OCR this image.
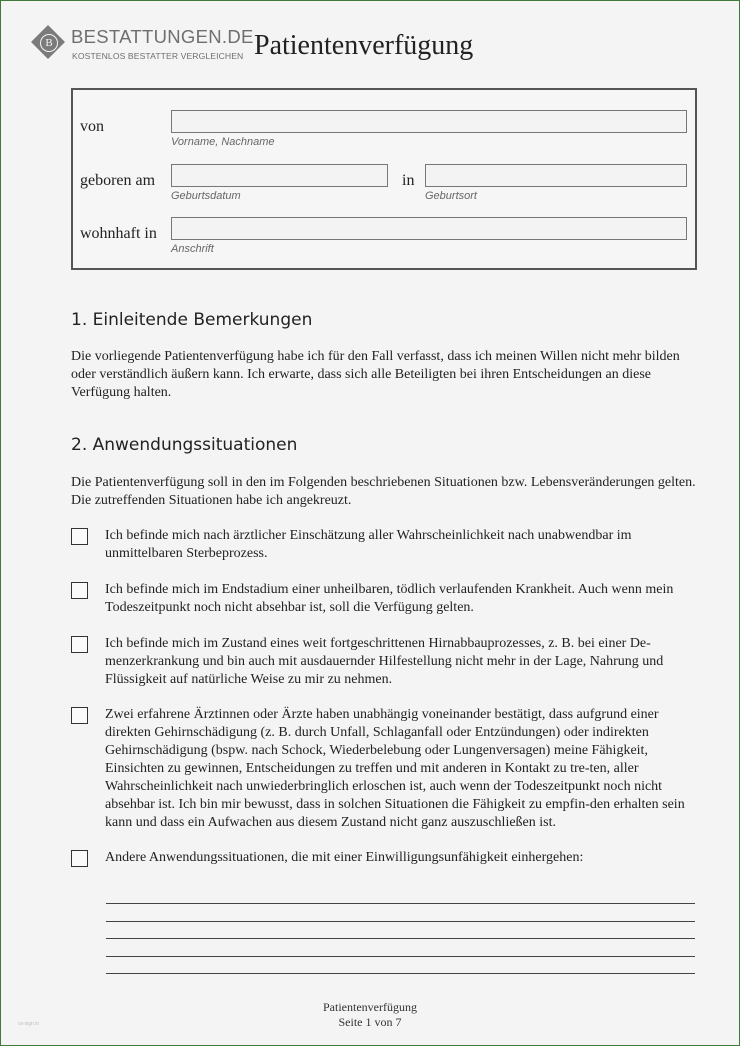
B BESTATTUNGEN.DE
KOSTENLOS BESTATTER VERGLEICHEN Patientenverfügung
von
Vorname, Nachname
geboren am
Geburtsdatum
in
Geburtsort
wohnhaft in
Anschrift
1. Einleitende Bemerkungen

Die vorliegende Patientenverfügung habe ich für den Fall verfasst, dass ich meinen Willen nicht mehr bilden oder verständlich äußern kann. Ich erwarte, dass sich alle Beteiligten bei ihren Entscheidungen an diese Verfügung halten.

2. Anwendungssituationen

Die Patientenverfügung soll in den im Folgenden beschriebenen Situationen bzw. Lebensveränderungen gelten. Die zutreffenden Situationen habe ich angekreuzt.

Ich befinde mich nach ärztlicher Einschätzung aller Wahrscheinlichkeit nach unabwendbar im unmittelbaren Sterbeprozess.
Ich befinde mich im Endstadium einer unheilbaren, tödlich verlaufenden Krankheit. Auch wenn mein Todeszeitpunkt noch nicht absehbar ist, soll die Verfügung gelten.
Ich befinde mich im Zustand eines weit fortgeschrittenen Hirnabbauprozesses, z. B. bei einer De-menzerkrankung und bin auch mit ausdauernder Hilfestellung nicht mehr in der Lage, Nahrung und Flüssigkeit auf natürliche Weise zu mir zu nehmen.
Zwei erfahrene Ärztinnen oder Ärzte haben unabhängig voneinander bestätigt, dass aufgrund einer direkten Gehirnschädigung (z. B. durch Unfall, Schlaganfall oder Entzündungen) oder indirekten Gehirnschädigung (bspw. nach Schock, Wiederbelebung oder Lungenversagen) meine Fähigkeit, Einsichten zu gewinnen, Entscheidungen zu treffen und mit anderen in Kontakt zu tre-ten, aller Wahrscheinlichkeit nach unwiederbringlich erloschen ist, auch wenn der Todeszeitpunkt noch nicht absehbar ist. Ich bin mir bewusst, dass in solchen Situationen die Fähigkeit zu empfin-den erhalten sein kann und dass ein Aufwachen aus diesem Zustand nicht ganz auszuschließen ist.
Andere Anwendungssituationen, die mit einer Einwilligungsunfähigkeit einhergehen:
Patientenverfügung
Seite 1 von 7
vs-sign.in
